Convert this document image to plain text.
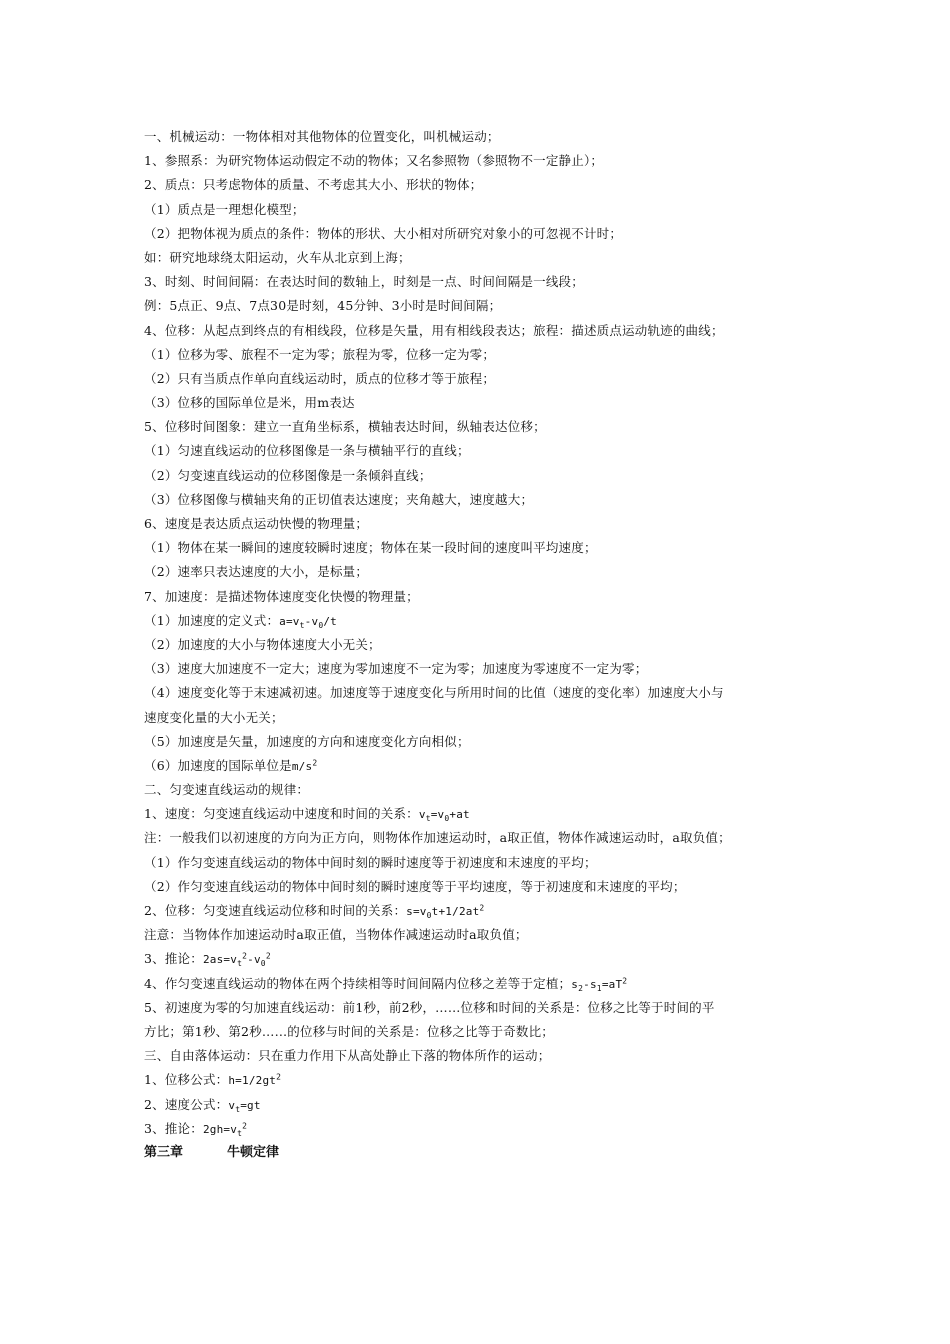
一、机械运动：一物体相对其他物体的位置变化，叫机械运动；
1、参照系：为研究物体运动假定不动的物体；又名参照物（参照物不一定静止）；
2、质点：只考虑物体的质量、不考虑其大小、形状的物体；
（1）质点是一理想化模型；
（2）把物体视为质点的条件：物体的形状、大小相对所研究对象小的可忽视不计时；
如：研究地球绕太阳运动，火车从北京到上海；
3、时刻、时间间隔：在表达时间的数轴上，时刻是一点、时间间隔是一线段；
例：5点正、9点、7点30是时刻，45分钟、3小时是时间间隔；
4、位移：从起点到终点的有相线段，位移是矢量，用有相线段表达；旅程：描述质点运动轨迹的曲线；
（1）位移为零、旅程不一定为零；旅程为零，位移一定为零；
（2）只有当质点作单向直线运动时，质点的位移才等于旅程；
（3）位移的国际单位是米，用m表达
5、位移时间图象：建立一直角坐标系，横轴表达时间，纵轴表达位移；
（1）匀速直线运动的位移图像是一条与横轴平行的直线；
（2）匀变速直线运动的位移图像是一条倾斜直线；
（3）位移图像与横轴夹角的正切值表达速度；夹角越大，速度越大；
6、速度是表达质点运动快慢的物理量；
（1）物体在某一瞬间的速度较瞬时速度；物体在某一段时间的速度叫平均速度；
（2）速率只表达速度的大小，是标量；
7、加速度：是描述物体速度变化快慢的物理量；
（1）加速度的定义式：$a=v_t-v_0/t$
（2）加速度的大小与物体速度大小无关；
（3）速度大加速度不一定大；速度为零加速度不一定为零；加速度为零速度不一定为零；
（4）速度变化等于末速减初速。加速度等于速度变化与所用时间的比值（速度的变化率）加速度大小与
速度变化量的大小无关；
（5）加速度是矢量，加速度的方向和速度变化方向相似；
（6）加速度的国际单位是$m/s^2$
二、匀变速直线运动的规律：
1、速度：匀变速直线运动中速度和时间的关系：$v_t=v_0+at$
注：一般我们以初速度的方向为正方向，则物体作加速运动时，a取正值，物体作减速运动时，a取负值；
（1）作匀变速直线运动的物体中间时刻的瞬时速度等于初速度和末速度的平均；
（2）作匀变速直线运动的物体中间时刻的瞬时速度等于平均速度，等于初速度和末速度的平均；
2、位移：匀变速直线运动位移和时间的关系：$s=v_0t+1/2at^2$
注意：当物体作加速运动时a取正值，当物体作减速运动时a取负值；
3、推论：$2as=v_t^2-v_0^2$
4、作匀变速直线运动的物体在两个持续相等时间间隔内位移之差等于定植；$s_2-s_1=aT^2$
5、初速度为零的匀加速直线运动：前1秒，前2秒，……位移和时间的关系是：位移之比等于时间的平
方比；第1秒、第2秒……的位移与时间的关系是：位移之比等于奇数比；
三、自由落体运动：只在重力作用下从高处静止下落的物体所作的运动；
1、位移公式：$h=1/2gt^2$
2、速度公式：$v_t=gt$
3、推论：$2gh=v_t^2$
第三章	牛顿定律
